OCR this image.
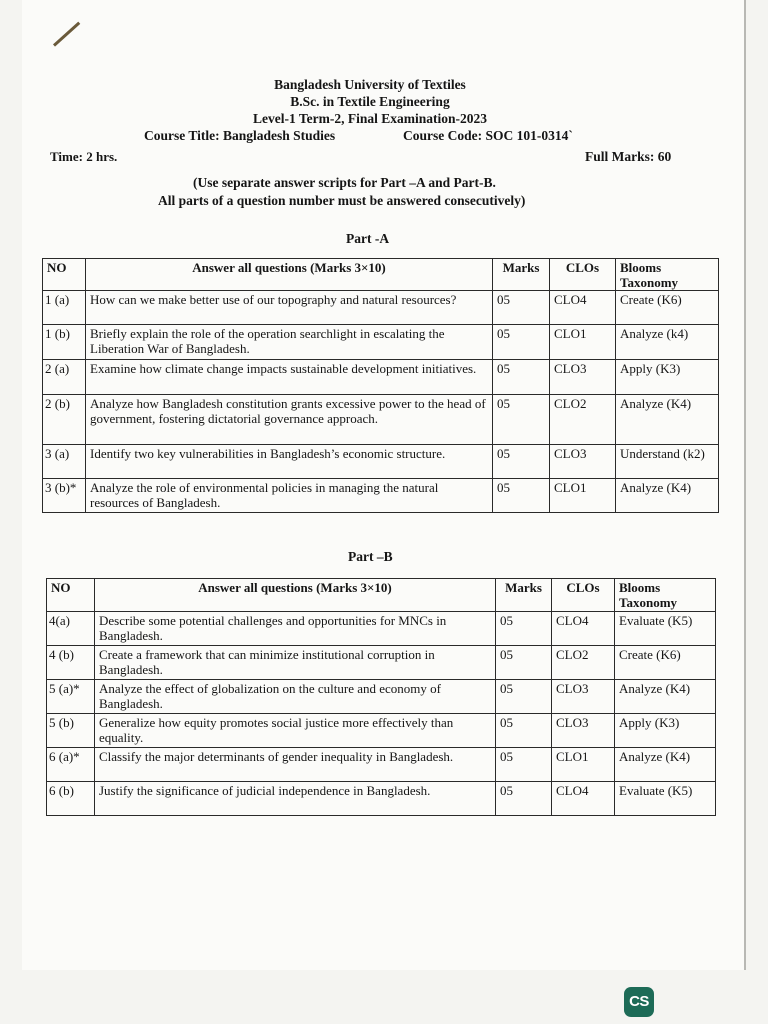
Bangladesh University of Textiles
B.Sc. in Textile Engineering
Level-1 Term-2, Final Examination-2023
Course Title: Bangladesh Studies	Course Code: SOC 101-0314`
Time: 2 hrs.	Full Marks: 60
(Use separate answer scripts for Part –A and Part-B.
All parts of a question number must be answered consecutively)
Part -A
NO	Answer all questions (Marks 3×10)	Marks	CLOs	Blooms Taxonomy
1 (a)	How can we make better use of our topography and natural resources?	05	CLO4	Create (K6)
1 (b)	Briefly explain the role of the operation searchlight in escalating the Liberation War of Bangladesh.	05	CLO1	Analyze (k4)
2 (a)	Examine how climate change impacts sustainable development initiatives.	05	CLO3	Apply (K3)
2 (b)	Analyze how Bangladesh constitution grants excessive power to the head of government, fostering dictatorial governance approach.	05	CLO2	Analyze (K4)
3 (a)	Identify two key vulnerabilities in Bangladesh’s economic structure.	05	CLO3	Understand (k2)
3 (b)*	Analyze the role of environmental policies in managing the natural resources of Bangladesh.	05	CLO1	Analyze (K4)
Part –B
NO	Answer all questions (Marks 3×10)	Marks	CLOs	Blooms Taxonomy
4(a)	Describe some potential challenges and opportunities for MNCs in Bangladesh.	05	CLO4	Evaluate (K5)
4 (b)	Create a framework that can minimize institutional corruption in Bangladesh.	05	CLO2	Create (K6)
5 (a)*	Analyze the effect of globalization on the culture and economy of Bangladesh.	05	CLO3	Analyze (K4)
5 (b)	Generalize how equity promotes social justice more effectively than equality.	05	CLO3	Apply (K3)
6 (a)*	Classify the major determinants of gender inequality in Bangladesh.	05	CLO1	Analyze (K4)
6 (b)	Justify the significance of judicial independence in Bangladesh.	05	CLO4	Evaluate (K5)
CS
